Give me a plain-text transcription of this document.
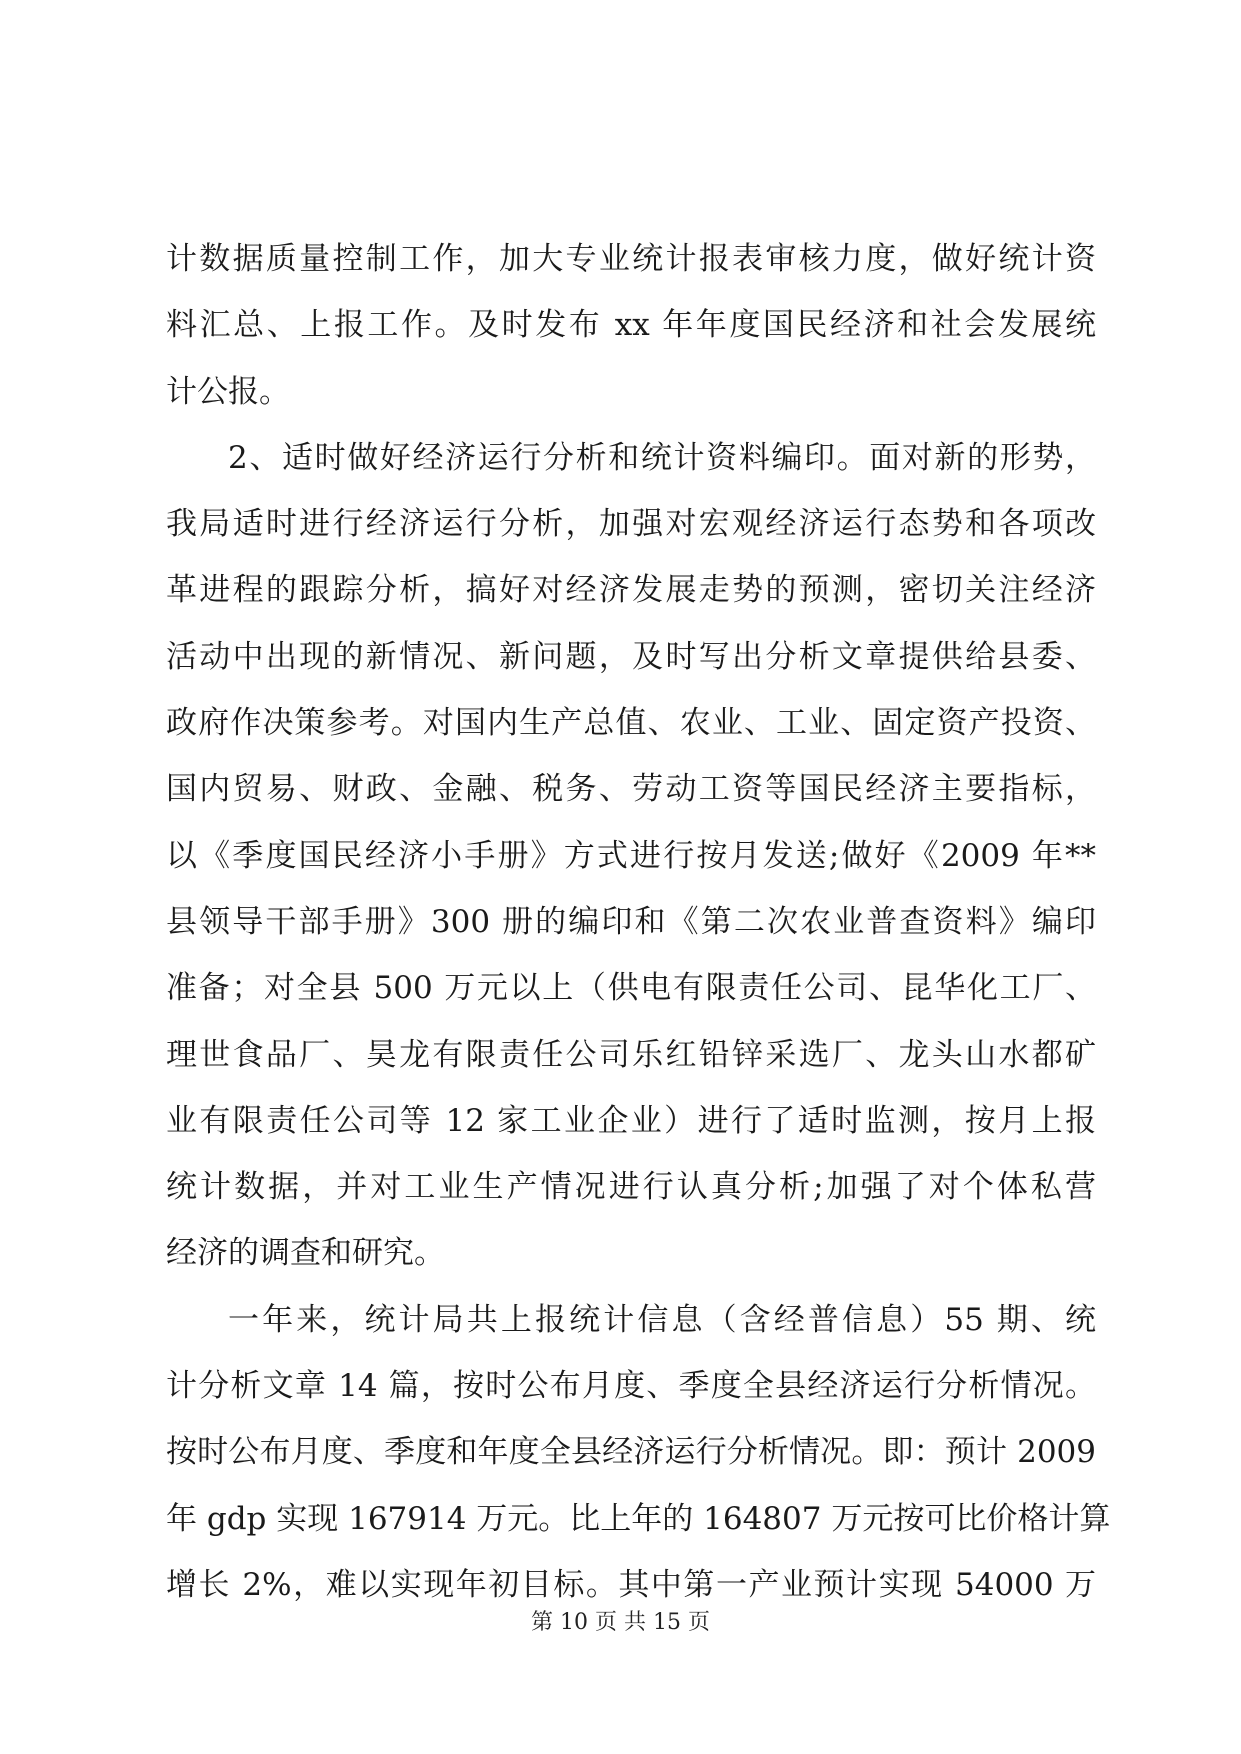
计数据质量控制工作，加大专业统计报表审核力度，做好统计资
料汇总、上报工作。及时发布 xx 年年度国民经济和社会发展统
计公报。
2、适时做好经济运行分析和统计资料编印。面对新的形势，
我局适时进行经济运行分析，加强对宏观经济运行态势和各项改
革进程的跟踪分析，搞好对经济发展走势的预测，密切关注经济
活动中出现的新情况、新问题，及时写出分析文章提供给县委、
政府作决策参考。对国内生产总值、农业、工业、固定资产投资、
国内贸易、财政、金融、税务、劳动工资等国民经济主要指标，
以《季度国民经济小手册》方式进行按月发送;做好《2009 年**
县领导干部手册》300 册的编印和《第二次农业普查资料》编印
准备；对全县 500 万元以上（供电有限责任公司、昆华化工厂、
理世食品厂、昊龙有限责任公司乐红铅锌采选厂、龙头山水都矿
业有限责任公司等 12 家工业企业）进行了适时监测，按月上报
统计数据，并对工业生产情况进行认真分析;加强了对个体私营
经济的调查和研究。
一年来，统计局共上报统计信息（含经普信息）55 期、统
计分析文章 14 篇，按时公布月度、季度全县经济运行分析情况。
按时公布月度、季度和年度全县经济运行分析情况。即：预计 2009
年 gdp 实现 167914 万元。比上年的 164807 万元按可比价格计算
增长 2%，难以实现年初目标。其中第一产业预计实现 54000 万
第 10 页 共 15 页
